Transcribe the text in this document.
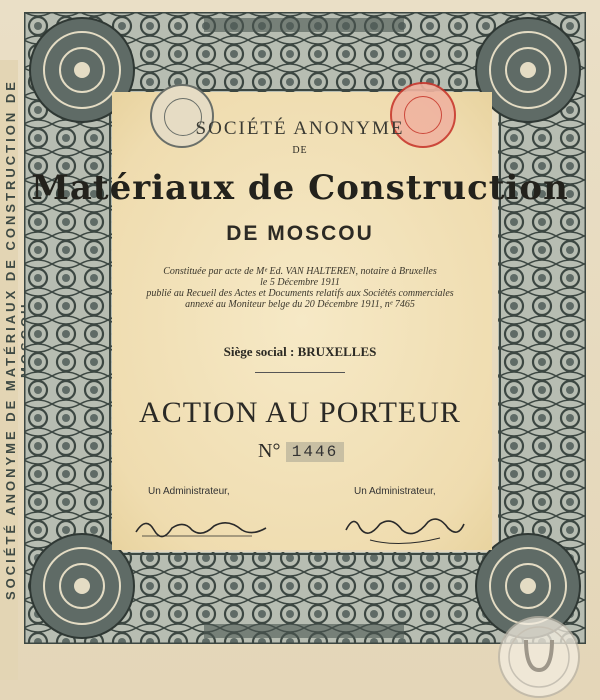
SOCIÉTÉ ANONYME DE MATÉRIAUX DE CONSTRUCTION DE
SOCIÉTÉ ANONYME
DE
Matériaux de Construction
DE MOSCOU
Constituée par acte de Mᵉ Ed. VAN HALTEREN, notaire à Bruxelles
le 5 Décembre 1911
publié au Recueil des Actes et Documents relatifs aux Sociétés commerciales
annexé au Moniteur belge du 20 Décembre 1911, nᵉ 7465
Siège social : BRUXELLES
ACTION AU PORTEUR
N° 1446
Un Administrateur,	Un Administrateur,
